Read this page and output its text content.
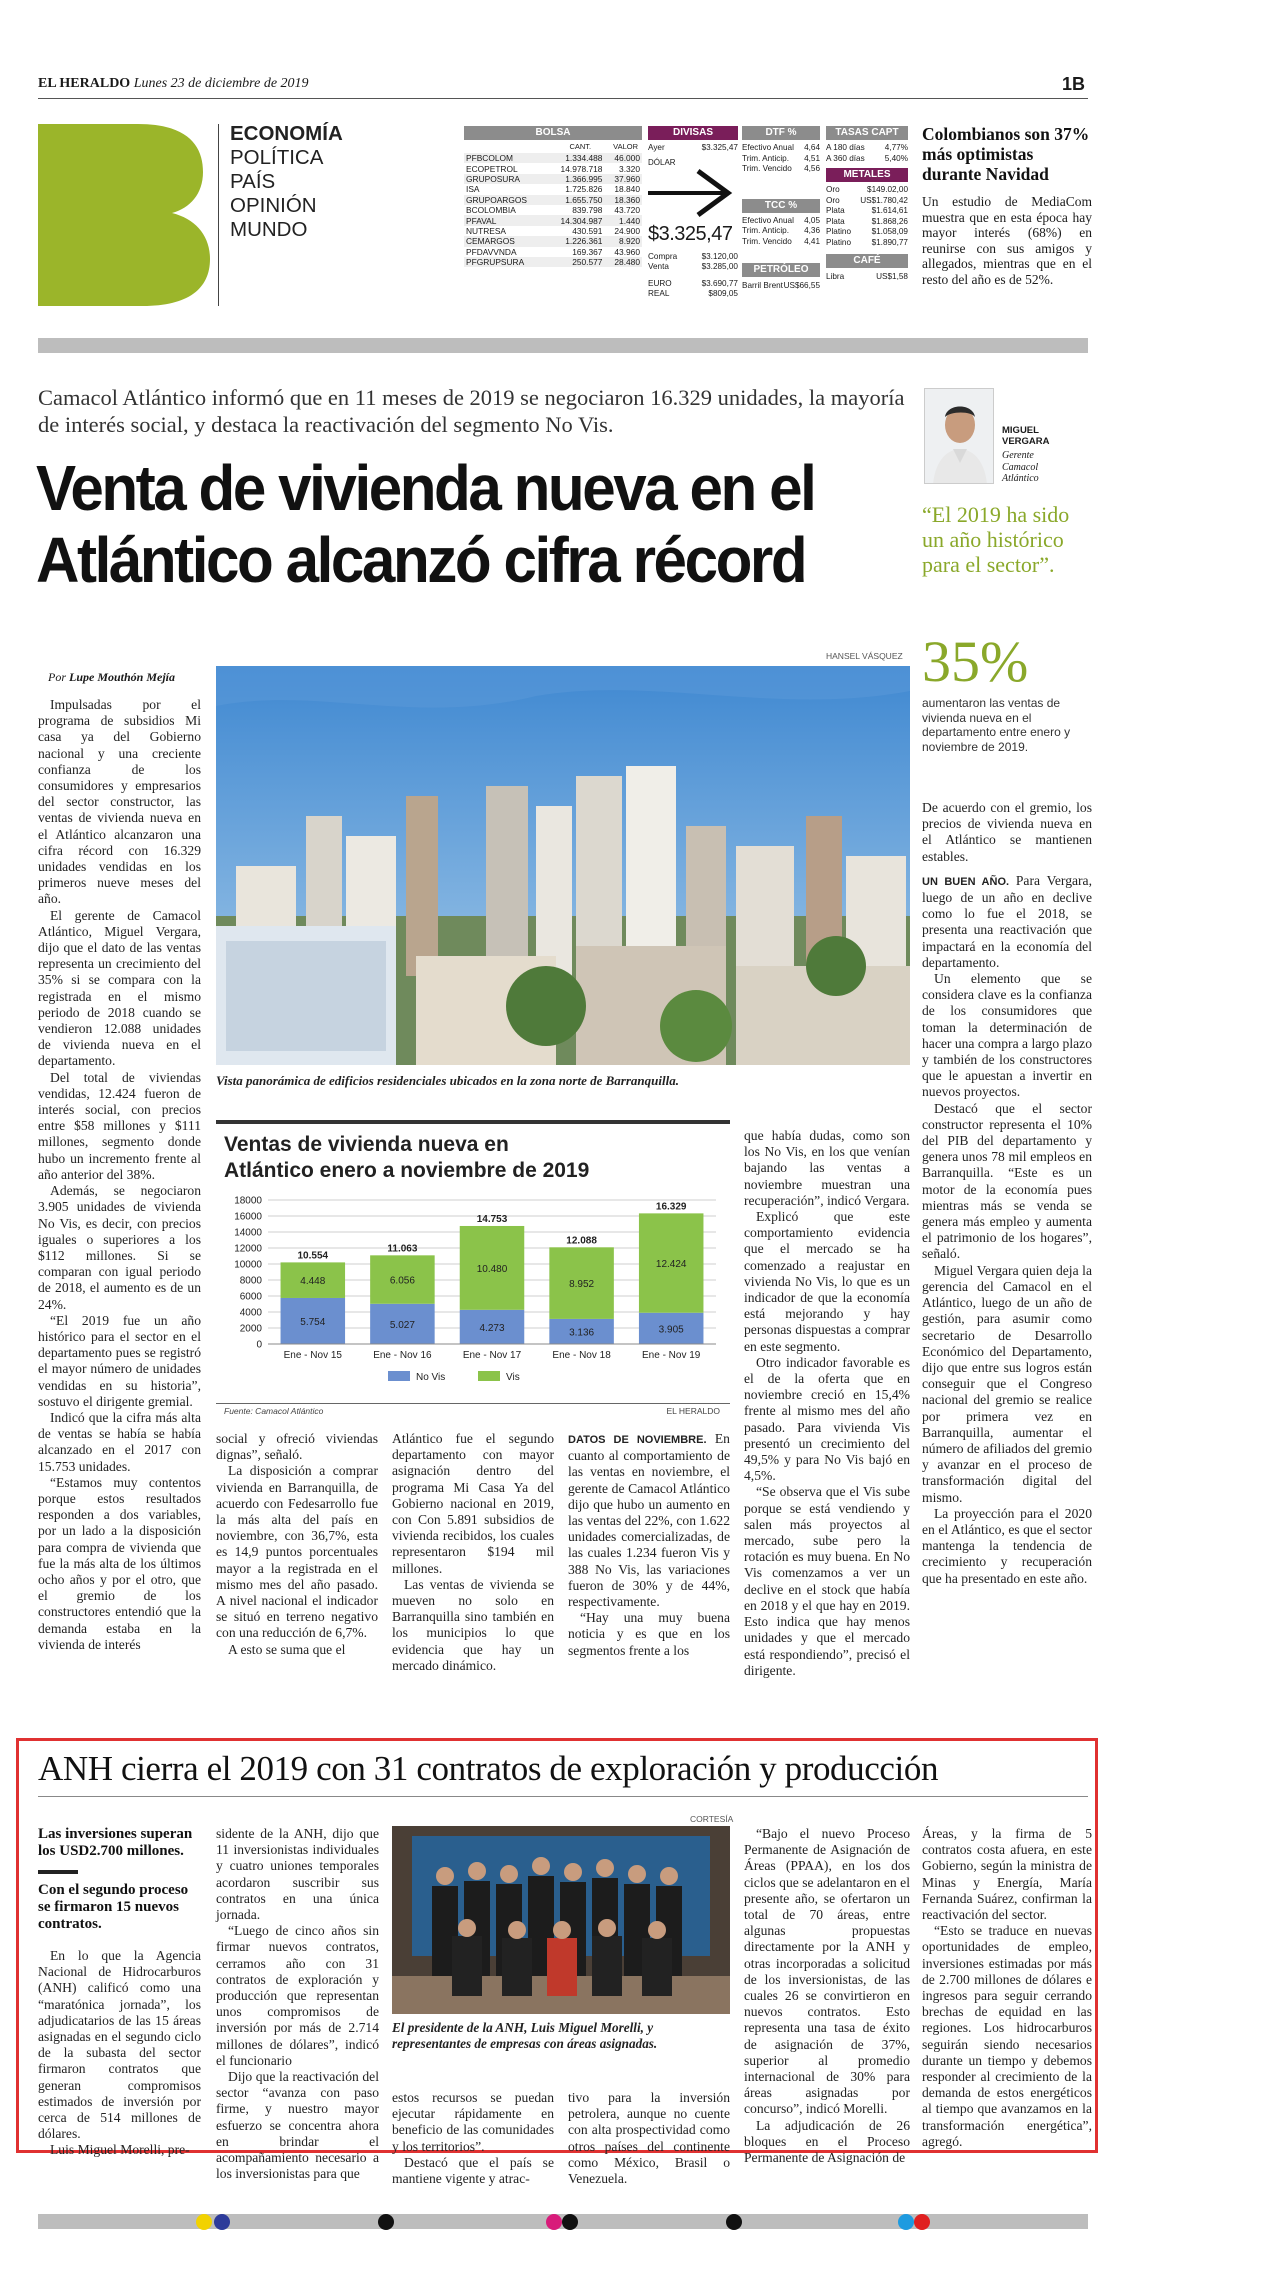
EL HERALDO Lunes 23 de diciembre de 2019	1B
ECONOMÍA
POLÍTICA
PAÍS
OPINIÓN
MUNDO
BOLSA
CANT.	VALOR
PFBCOLOM	1.334.488	46.000
ECOPETROL	14.978.718	3.320
GRUPOSURA	1.366.995	37.960
ISA	1.725.826	18.840
GRUPOARGOS	1.655.750	18.360
BCOLOMBIA	839.798	43.720
PFAVAL	14.304.987	1.440
NUTRESA	430.591	24.900
CEMARGOS	1.226.361	8.920
PFDAVVNDA	169.367	43.960
PFGRUPSURA	250.577	28.480
DIVISAS
Ayer	$3.325,47
DÓLAR
$3.325,47
Compra	$3.120,00
Venta	$3.285,00
EURO	$3.690,77
REAL	$809,05
DTF %
Efectivo Anual 4,64
Trim. Anticip. 4,51
Trim. Vencido 4,56
TCC %
Efectivo Anual 4,05
Trim. Anticip. 4,36
Trim. Vencido 4,41
PETRÓLEO
Barril Brent US$66,55
TASAS CAPT
A 180 días 4,77%
A 360 días 5,40%
METALES
Oro	$149.02,00
Oro	US$1.780,42
Plata	$1.614,61
Plata	$1.868,26
Platino	$1.058,09
Platino	$1.890,77
CAFÉ
Libra	US$1,58
Colombianos son 37% más optimistas durante Navidad
Un estudio de MediaCom muestra que en esta época hay mayor interés (68%) en reunirse con sus amigos y allegados, mientras que en el resto del año es de 52%.
Camacol Atlántico informó que en 11 meses de 2019 se negociaron 16.329 unidades, la mayoría de interés social, y destaca la reactivación del segmento No Vis.
Venta de vivienda nueva en el
Atlántico alcanzó cifra récord
MIGUEL
VERGARA
Gerente
Camacol
Atlántico
“El 2019 ha sido un año histórico para el sector”.
35%
aumentaron las ventas de vivienda nueva en el departamento entre enero y noviembre de 2019.
Por Lupe Mouthón Mejía
HANSEL VÁSQUEZ
Vista panorámica de edificios residenciales ubicados en la zona norte de Barranquilla.

Impulsadas por el programa de subsidios Mi casa ya del Gobierno nacional y una creciente confianza de los consumidores y empresarios del sector constructor, las ventas de vivienda nueva en el Atlántico alcanzaron una cifra récord con 16.329 unidades vendidas en los primeros nueve meses del año.

El gerente de Camacol Atlántico, Miguel Vergara, dijo que el dato de las ventas representa un crecimiento del 35% si se compara con la registrada en el mismo periodo de 2018 cuando se vendieron 12.088 unidades de vivienda nueva en el departamento.

Del total de viviendas vendidas, 12.424 fueron de interés social, con precios entre $58 millones y $111 millones, segmento donde hubo un incremento frente al año anterior del 38%.

Además, se negociaron 3.905 unidades de vivienda No Vis, es decir, con precios iguales o superiores a los $112 millones. Si se comparan con igual periodo de 2018, el aumento es de un 24%.

“El 2019 fue un año histórico para el sector en el departamento pues se registró el mayor número de unidades vendidas en su historia”, sostuvo el dirigente gremial.

Indicó que la cifra más alta de ventas se había se había alcanzado en el 2017 con 15.753 unidades.

“Estamos muy contentos porque estos resultados responden a dos variables, por un lado a la disposición para compra de vivienda que fue la más alta de los últimos ocho años y por el otro, que el gremio de los constructores entendió que la demanda estaba en la vivienda de interés

Ventas de vivienda nueva en
Atlántico enero a noviembre de 2019
0
2000
4000
6000
8000
10000
12000
14000
16000
18000
5.754
4.448
10.554
Ene - Nov 15
5.027
6.056
11.063
Ene - Nov 16
4.273
10.480
14.753
Ene - Nov 17
3.136
8.952
12.088
Ene - Nov 18
3.905
12.424
16.329
Ene - Nov 19
No Vis	Vis
Fuente: Camacol Atlántico	EL HERALDO

social y ofreció viviendas dignas”, señaló.

La disposición a comprar vivienda en Barranquilla, de acuerdo con Fedesarrollo fue la más alta del país en noviembre, con 36,7%, esta es 14,9 puntos porcentuales mayor a la registrada en el mismo mes del año pasado. A nivel nacional el indicador se situó en terreno negativo con una reducción de 6,7%.

A esto se suma que el

Atlántico fue el segundo departamento con mayor asignación dentro del programa Mi Casa Ya del Gobierno nacional en 2019, con Con 5.891 subsidios de vivienda recibidos, los cuales representaron $194 mil millones.

Las ventas de vivienda se mueven no solo en Barranquilla sino también en los municipios lo que evidencia que hay un mercado dinámico.

DATOS DE NOVIEMBRE. En cuanto al comportamiento de las ventas en noviembre, el gerente de Camacol Atlántico dijo que hubo un aumento en las ventas del 22%, con 1.622 unidades comercializadas, de las cuales 1.234 fueron Vis y 388 No Vis, las variaciones fueron de 30% y de 44%, respectivamente.

“Hay una muy buena noticia y es que en los segmentos frente a los

que había dudas, como son los No Vis, en los que venían bajando las ventas a noviembre muestran una recuperación”, indicó Vergara.

Explicó que este comportamiento evidencia que el mercado se ha comenzado a reajustar en vivienda No Vis, lo que es un indicador de que la economía está mejorando y hay personas dispuestas a comprar en este segmento.

Otro indicador favorable es el de la oferta que en noviembre creció en 15,4% frente al mismo mes del año pasado. Para vivienda Vis presentó un crecimiento del 49,5% y para No Vis bajó en 4,5%.

“Se observa que el Vis sube porque se está vendiendo y salen más proyectos al mercado, sube pero la rotación es muy buena. En No Vis comenzamos a ver un declive en el stock que había en 2018 y el que hay en 2019. Esto indica que hay menos unidades y que el mercado está respondiendo”, precisó el dirigente.

De acuerdo con el gremio, los precios de vivienda nueva en el Atlántico se mantienen estables.

UN BUEN AÑO. Para Vergara, luego de un año en declive como lo fue el 2018, se presenta una reactivación que impactará en la economía del departamento.

Un elemento que se considera clave es la confianza de los consumidores que toman la determinación de hacer una compra a largo plazo y también de los constructores que le apuestan a invertir en nuevos proyectos.

Destacó que el sector constructor representa el 10% del PIB del departamento y genera unos 78 mil empleos en Barranquilla. “Este es un motor de la economía pues mientras más se venda se genera más empleo y aumenta el patrimonio de los hogares”, señaló.

Miguel Vergara quien deja la gerencia del Camacol en el Atlántico, luego de un año de gestión, para asumir como secretario de Desarrollo Económico del Departamento, dijo que entre sus logros están conseguir que el Congreso nacional del gremio se realice por primera vez en Barranquilla, aumentar el número de afiliados del gremio y avanzar en el proceso de transformación digital del mismo.

La proyección para el 2020 en el Atlántico, es que el sector mantenga la tendencia de crecimiento y recuperación que ha presentado en este año.

ANH cierra el 2019 con 31 contratos de exploración y producción
Las inversiones superan los USD2.700 millones.
Con el segundo proceso se firmaron 15 nuevos contratos.

En lo que la Agencia Nacional de Hidrocarburos (ANH) calificó como una “maratónica jornada”, los adjudicatarios de las 15 áreas asignadas en el segundo ciclo de la subasta del sector firmaron contratos que generan compromisos estimados de inversión por cerca de 514 millones de dólares.

Luis Miguel Morelli, pre-

sidente de la ANH, dijo que 11 inversionistas individuales y cuatro uniones temporales acordaron suscribir sus contratos en una única jornada.

“Luego de cinco años sin firmar nuevos contratos, cerramos año con 31 contratos de exploración y producción que representan unos compromisos de inversión por más de 2.714 millones de dólares”, indicó el funcionario

Dijo que la reactivación del sector “avanza con paso firme, y nuestro mayor esfuerzo se concentra ahora en brindar el acompañamiento necesario a los inversionistas para que

CORTESÍA
El presidente de la ANH, Luis Miguel Morelli, y representantes de empresas con áreas asignadas.

estos recursos se puedan ejecutar rápidamente en beneficio de las comunidades y los territorios”.

Destacó que el país se mantiene vigente y atrac-

tivo para la inversión petrolera, aunque no cuente con alta prospectividad como otros países del continente como México, Brasil o Venezuela.

“Bajo el nuevo Proceso Permanente de Asignación de Áreas (PPAA), en los dos ciclos que se adelantaron en el presente año, se ofertaron un total de 70 áreas, entre algunas propuestas directamente por la ANH y otras incorporadas a solicitud de los inversionistas, de las cuales 26 se convirtieron en nuevos contratos. Esto representa una tasa de éxito de asignación de 37%, superior al promedio internacional de 30% para áreas asignadas por concurso”, indicó Morelli.

La adjudicación de 26 bloques en el Proceso Permanente de Asignación de

Áreas, y la firma de 5 contratos costa afuera, en este Gobierno, según la ministra de Minas y Energía, María Fernanda Suárez, confirman la reactivación del sector.

“Esto se traduce en nuevas oportunidades de empleo, inversiones estimadas por más de 2.700 millones de dólares e ingresos para seguir cerrando brechas de equidad en las regiones. Los hidrocarburos seguirán siendo necesarios durante un tiempo y debemos responder al crecimiento de la demanda de estos energéticos al tiempo que avanzamos en la transformación energética”, agregó.
